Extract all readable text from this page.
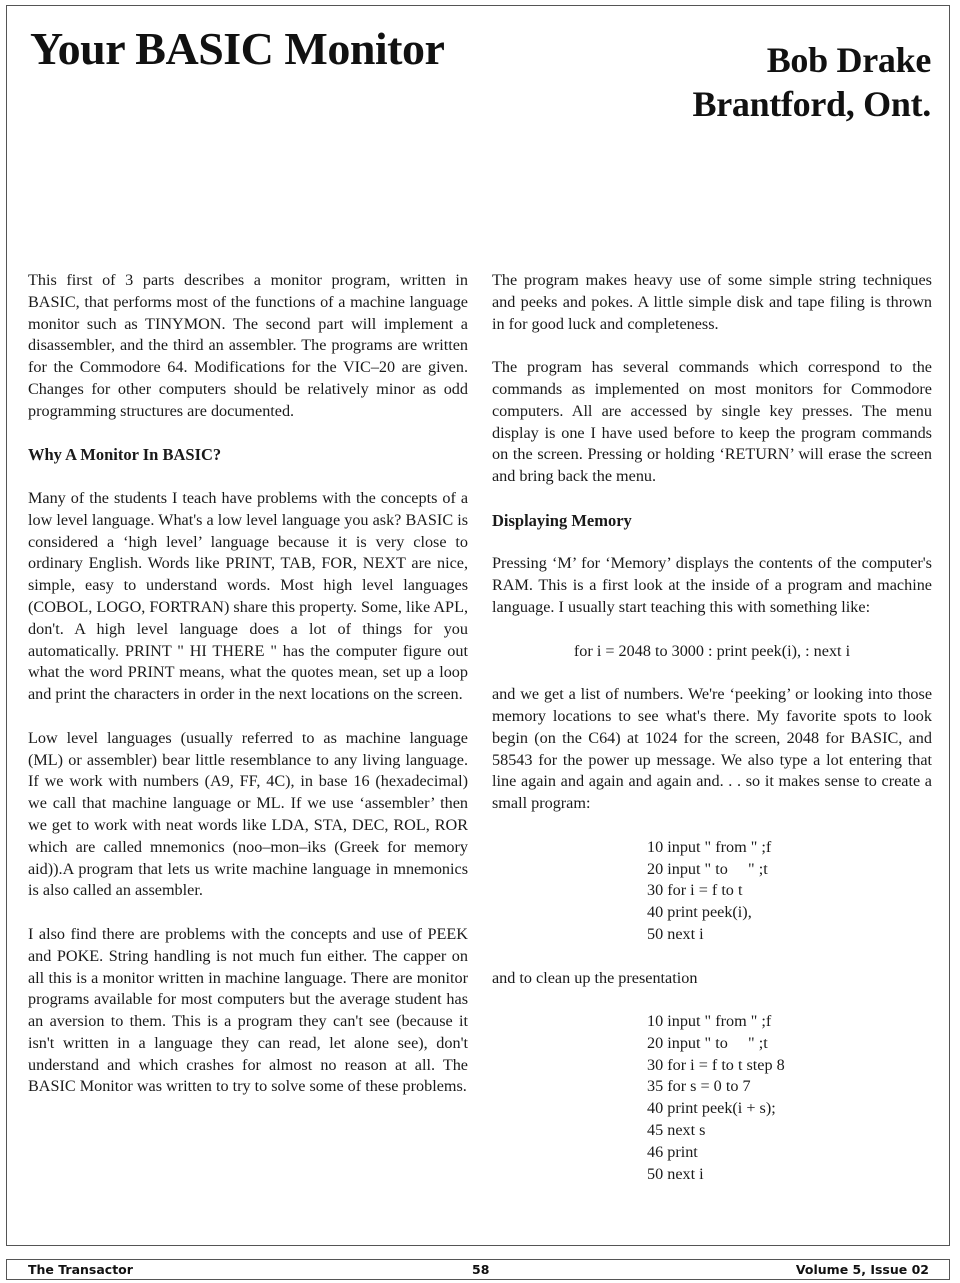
Your BASIC Monitor	Bob Drake
Brantford, Ont.

This first of 3 parts describes a monitor program, written in BASIC, that performs most of the functions of a machine language monitor such as TINYMON. The second part will implement a disassembler, and the third an assembler. The programs are written for the Commodore 64. Modifications for the VIC–20 are given. Changes for other computers should be relatively minor as odd programming structures are documented.

Why A Monitor In BASIC?

Many of the students I teach have problems with the concepts of a low level language. What's a low level language you ask? BASIC is considered a ‘high level’ language because it is very close to ordinary English. Words like PRINT, TAB, FOR, NEXT are nice, simple, easy to understand words. Most high level languages (COBOL, LOGO, FORTRAN) share this property. Some, like APL, don't. A high level language does a lot of things for you automatically. PRINT " HI THERE " has the computer figure out what the word PRINT means, what the quotes mean, set up a loop and print the characters in order in the next locations on the screen.

Low level languages (usually referred to as machine language (ML) or assembler) bear little resemblance to any living language. If we work with numbers (A9, FF, 4C), in base 16 (hexadecimal) we call that machine language or ML. If we use ‘assembler’ then we get to work with neat words like LDA, STA, DEC, ROL, ROR which are called mnemonics (noo–mon–iks (Greek for memory aid)).A program that lets us write machine language in mnemonics is also called an assembler.

I also find there are problems with the concepts and use of PEEK and POKE. String handling is not much fun either. The capper on all this is a monitor written in machine language. There are monitor programs available for most computers but the average student has an aversion to them. This is a program they can't see (because it isn't written in a language they can read, let alone see), don't understand and which crashes for almost no reason at all. The BASIC Monitor was written to try to solve some of these problems.

The program makes heavy use of some simple string techniques and peeks and pokes. A little simple disk and tape filing is thrown in for good luck and completeness.

The program has several commands which correspond to the commands as implemented on most monitors for Commodore computers. All are accessed by single key presses. The menu display is one I have used before to keep the program commands on the screen. Pressing or holding ‘RETURN’ will erase the screen and bring back the menu.

Displaying Memory

Pressing ‘M’ for ‘Memory’ displays the contents of the computer's RAM. This is a first look at the inside of a program and machine language. I usually start teaching this with something like:

for i = 2048 to 3000 : print peek(i), : next i

and we get a list of numbers. We're ‘peeking’ or looking into those memory locations to see what's there. My favorite spots to look begin (on the C64) at 1024 for the screen, 2048 for BASIC, and 58543 for the power up message. We also type a lot entering that line again and again and again and. . . so it makes sense to create a small program:

10 input " from " ;f
20 input " to     " ;t
30 for i = f to t
40 print peek(i),
50 next i

and to clean up the presentation

10 input " from " ;f
20 input " to     " ;t
30 for i = f to t step 8
35 for s = 0 to 7
40 print peek(i + s);
45 next s
46 print
50 next i
The Transactor	58	Volume 5, Issue 02
